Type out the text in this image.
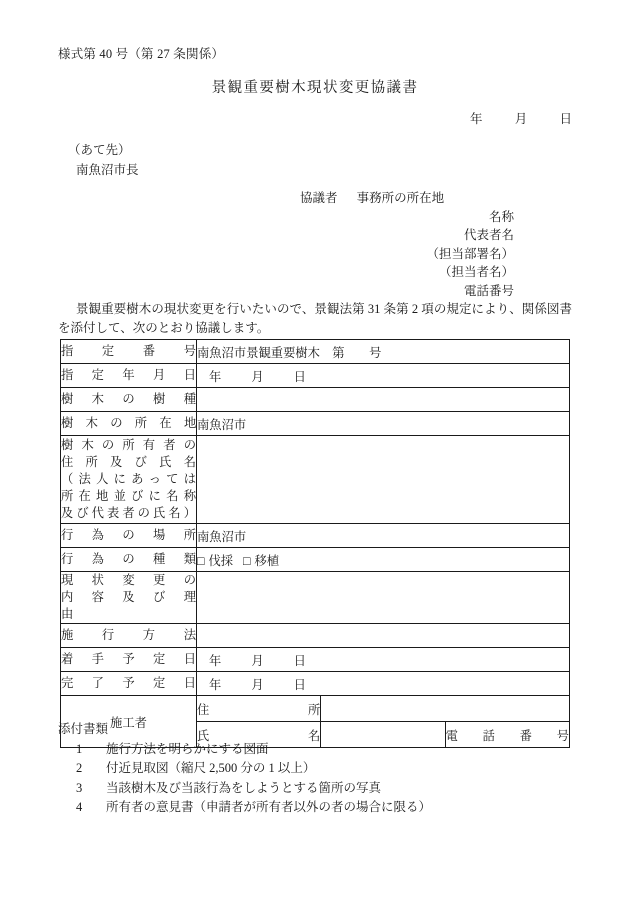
様式第 40 号（第 27 条関係）
景観重要樹木現状変更協議書
年	月	日
（あて先）
南魚沼市長
協議者 事務所の所在地
名称
代表者名
（担当部署名）
（担当者名）
電話番号
景観重要樹木の現状変更を行いたいので、景観法第 31 条第 2 項の規定により、関係図書を添付して、次のとおり協議します。
指　定　番　号	南魚沼市景観重要樹木　第　　号		
指　定　年　月　日	年 月 日		
樹　木　の　樹　種			
樹　木　の　所　在　地	南魚沼市		

樹木の所有者の
住所及び氏名
（法人にあっては
所在地並びに名称
及び代表者の氏名）			

行　為　の　場　所	南魚沼市		
行　為　の　種　類	□ 伐採 □ 移植		

現　状　変　更　の
内　容　及　び　理　由			

施　行　方　法			
着　手　予　定　日	年 月 日		
完　了　予　定　日	年 月 日		
施工者	住　所		
	氏　名		電　話　番　号
添付書類
1 施行方法を明らかにする図面
2 付近見取図（縮尺 2,500 分の 1 以上）
3 当該樹木及び当該行為をしようとする箇所の写真
4 所有者の意見書（申請者が所有者以外の者の場合に限る）
